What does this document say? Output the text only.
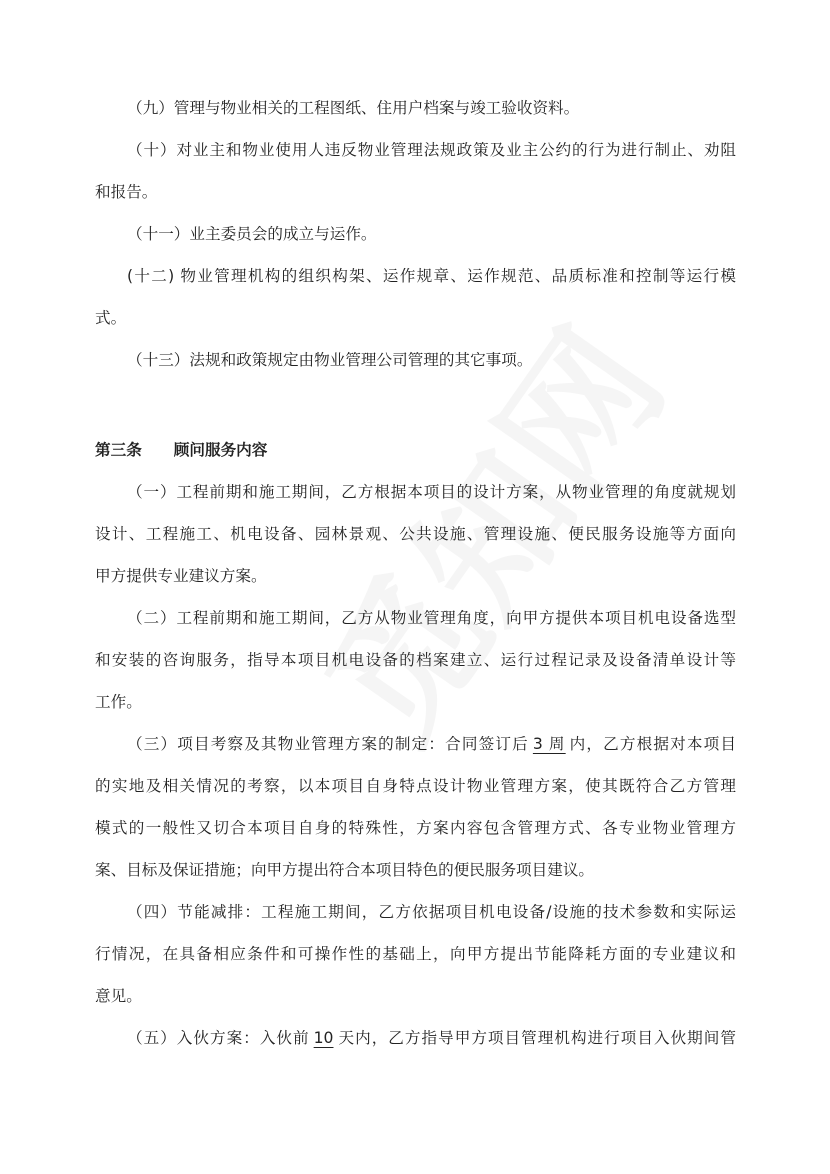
（九）管理与物业相关的工程图纸、住用户档案与竣工验收资料。
（十）对业主和物业使用人违反物业管理法规政策及业主公约的行为进行制止、劝阻
和报告。
（十一）业主委员会的成立与运作。
(十二) 物业管理机构的组织构架、运作规章、运作规范、品质标准和控制等运行模
式。
（十三）法规和政策规定由物业管理公司管理的其它事项。
第三条 顾问服务内容
（一）工程前期和施工期间，乙方根据本项目的设计方案，从物业管理的角度就规划
设计、工程施工、机电设备、园林景观、公共设施、管理设施、便民服务设施等方面向
甲方提供专业建议方案。
（二）工程前期和施工期间，乙方从物业管理角度，向甲方提供本项目机电设备选型
和安装的咨询服务，指导本项目机电设备的档案建立、运行过程记录及设备清单设计等
工作。
（三）项目考察及其物业管理方案的制定：合同签订后 3 周 内，乙方根据对本项目
的实地及相关情况的考察，以本项目自身特点设计物业管理方案，使其既符合乙方管理
模式的一般性又切合本项目自身的特殊性，方案内容包含管理方式、各专业物业管理方
案、目标及保证措施；向甲方提出符合本项目特色的便民服务项目建议。
（四）节能减排：工程施工期间，乙方依据项目机电设备/设施的技术参数和实际运
行情况，在具备相应条件和可操作性的基础上，向甲方提出节能降耗方面的专业建议和
意见。
（五）入伙方案：入伙前 10 天内，乙方指导甲方项目管理机构进行项目入伙期间管
